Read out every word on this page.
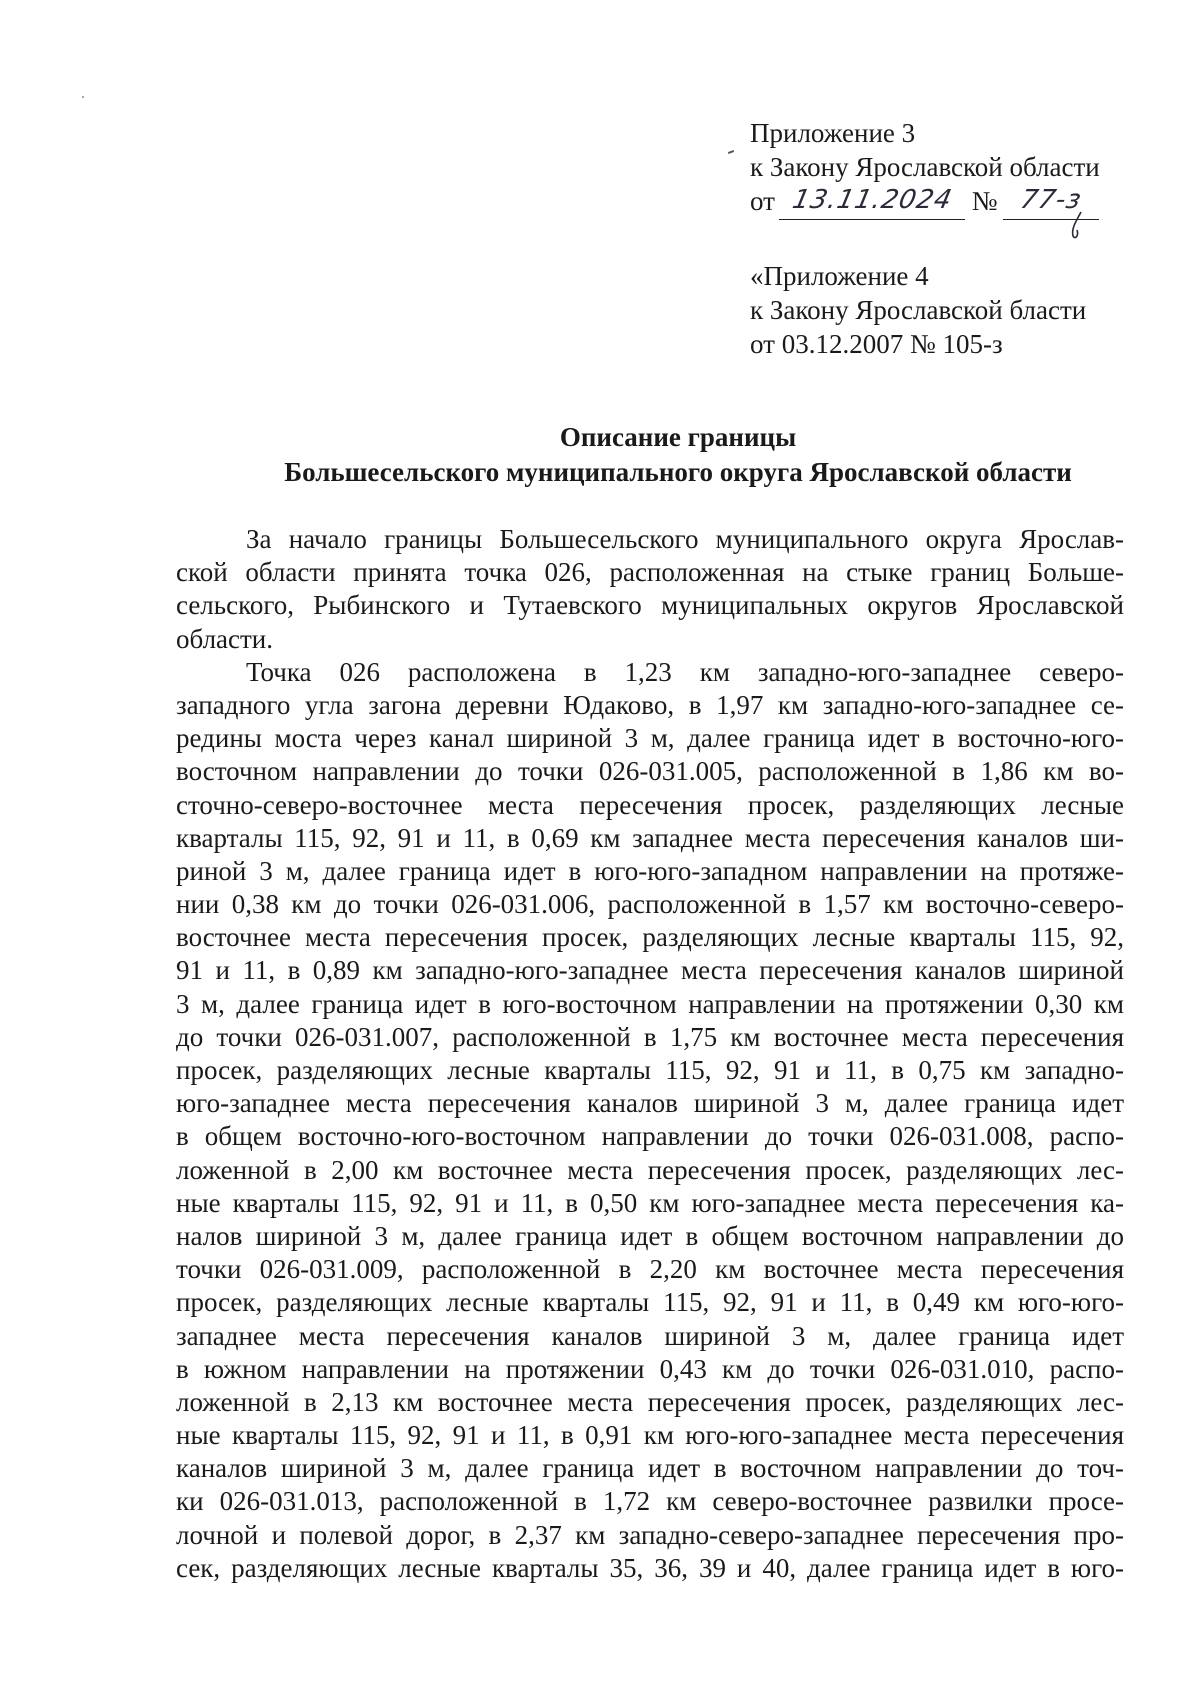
Приложение 3
к Закону Ярославской области
от 13.11.2024 № 77-з
«Приложение 4
к Закону Ярославской бласти
от 03.12.2007 № 105-з
Описание границы
Большесельского муниципального округа Ярославской области
За начало границы Большесельского муниципального округа Ярослав-
ской области принята точка 026, расположенная на стыке границ Больше-
сельского, Рыбинского и Тутаевского муниципальных округов Ярославской
области.
Точка 026 расположена в 1,23 км западно-юго-западнее северо-
западного угла загона деревни Юдаково, в 1,97 км западно-юго-западнее се-
редины моста через канал шириной 3 м, далее граница идет в восточно-юго-
восточном направлении до точки 026-031.005, расположенной в 1,86 км во-
сточно-северо-восточнее места пересечения просек, разделяющих лесные
кварталы 115, 92, 91 и 11, в 0,69 км западнее места пересечения каналов ши-
риной 3 м, далее граница идет в юго-юго-западном направлении на протяже-
нии 0,38 км до точки 026-031.006, расположенной в 1,57 км восточно-северо-
восточнее места пересечения просек, разделяющих лесные кварталы 115, 92,
91 и 11, в 0,89 км западно-юго-западнее места пересечения каналов шириной
3 м, далее граница идет в юго-восточном направлении на протяжении 0,30 км
до точки 026-031.007, расположенной в 1,75 км восточнее места пересечения
просек, разделяющих лесные кварталы 115, 92, 91 и 11, в 0,75 км западно-
юго-западнее места пересечения каналов шириной 3 м, далее граница идет
в общем восточно-юго-восточном направлении до точки 026-031.008, распо-
ложенной в 2,00 км восточнее места пересечения просек, разделяющих лес-
ные кварталы 115, 92, 91 и 11, в 0,50 км юго-западнее места пересечения ка-
налов шириной 3 м, далее граница идет в общем восточном направлении до
точки 026-031.009, расположенной в 2,20 км восточнее места пересечения
просек, разделяющих лесные кварталы 115, 92, 91 и 11, в 0,49 км юго-юго-
западнее места пересечения каналов шириной 3 м, далее граница идет
в южном направлении на протяжении 0,43 км до точки 026-031.010, распо-
ложенной в 2,13 км восточнее места пересечения просек, разделяющих лес-
ные кварталы 115, 92, 91 и 11, в 0,91 км юго-юго-западнее места пересечения
каналов шириной 3 м, далее граница идет в восточном направлении до точ-
ки 026-031.013, расположенной в 1,72 км северо-восточнее развилки просе-
лочной и полевой дорог, в 2,37 км западно-северо-западнее пересечения про-
сек, разделяющих лесные кварталы 35, 36, 39 и 40, далее граница идет в юго-
